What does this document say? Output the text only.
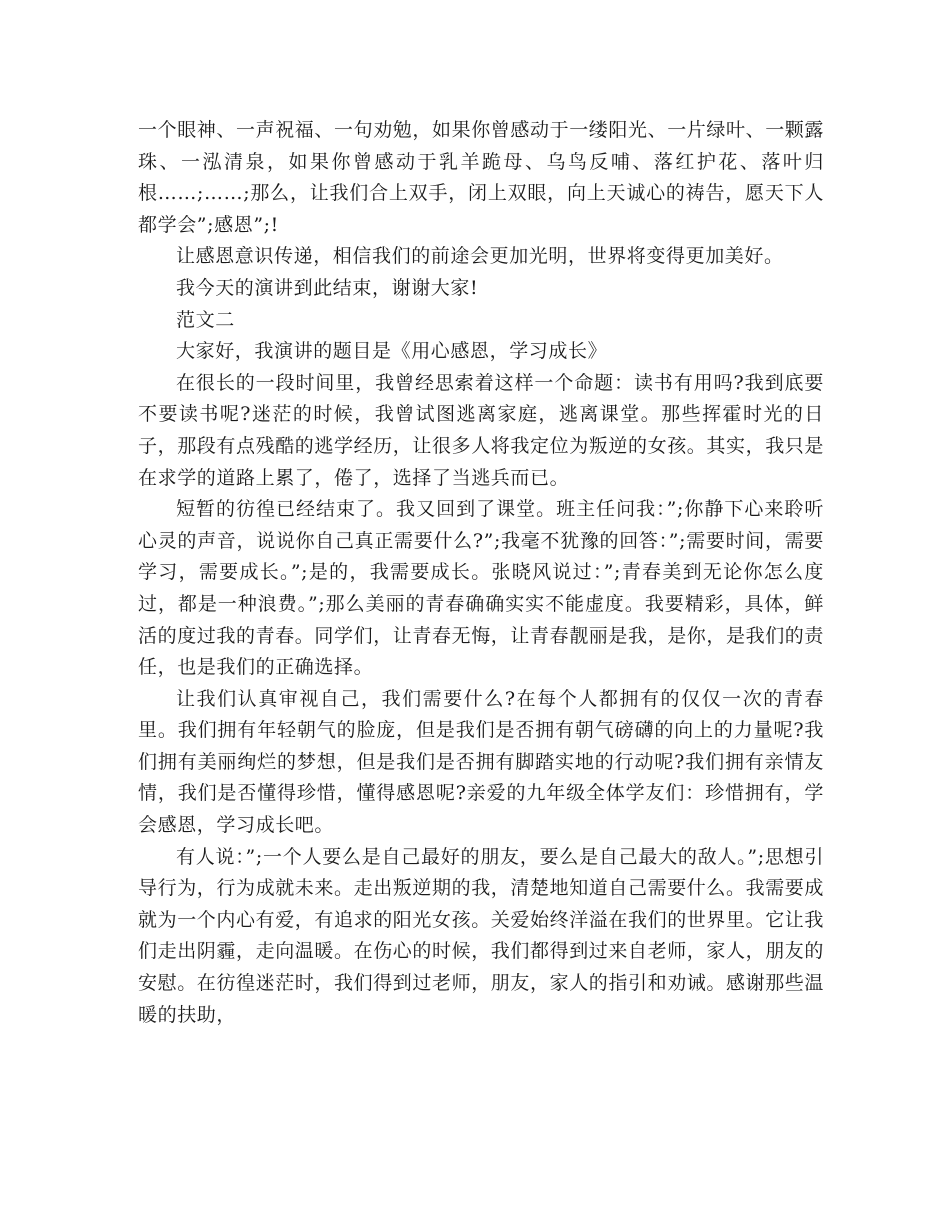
一个眼神、一声祝福、一句劝勉，如果你曾感动于一缕阳光、一片绿叶、一颗露珠、一泓清泉，如果你曾感动于乳羊跪母、乌鸟反哺、落红护花、落叶归根……;……;那么，让我们合上双手，闭上双眼，向上天诚心的祷告，愿天下人都学会”;感恩”;!

让感恩意识传递，相信我们的前途会更加光明，世界将变得更加美好。

我今天的演讲到此结束，谢谢大家!

范文二

大家好，我演讲的题目是《用心感恩，学习成长》

在很长的一段时间里，我曾经思索着这样一个命题：读书有用吗?我到底要不要读书呢?迷茫的时候，我曾试图逃离家庭，逃离课堂。那些挥霍时光的日子，那段有点残酷的逃学经历，让很多人将我定位为叛逆的女孩。其实，我只是在求学的道路上累了，倦了，选择了当逃兵而已。

短暂的彷徨已经结束了。我又回到了课堂。班主任问我：”;你静下心来聆听心灵的声音，说说你自己真正需要什么?”;我毫不犹豫的回答：”;需要时间，需要学习，需要成长。”;是的，我需要成长。张晓风说过：”;青春美到无论你怎么度过，都是一种浪费。”;那么美丽的青春确确实实不能虚度。我要精彩，具体，鲜活的度过我的青春。同学们，让青春无悔，让青春靓丽是我，是你，是我们的责任，也是我们的正确选择。

让我们认真审视自己，我们需要什么?在每个人都拥有的仅仅一次的青春里。我们拥有年轻朝气的脸庞，但是我们是否拥有朝气磅礴的向上的力量呢?我们拥有美丽绚烂的梦想，但是我们是否拥有脚踏实地的行动呢?我们拥有亲情友情，我们是否懂得珍惜，懂得感恩呢?亲爱的九年级全体学友们：珍惜拥有，学会感恩，学习成长吧。

有人说：”;一个人要么是自己最好的朋友，要么是自己最大的敌人。”;思想引导行为，行为成就未来。走出叛逆期的我，清楚地知道自己需要什么。我需要成就为一个内心有爱，有追求的阳光女孩。关爱始终洋溢在我们的世界里。它让我们走出阴霾，走向温暖。在伤心的时候，我们都得到过来自老师，家人，朋友的安慰。在彷徨迷茫时，我们得到过老师，朋友，家人的指引和劝诫。感谢那些温暖的扶助，
